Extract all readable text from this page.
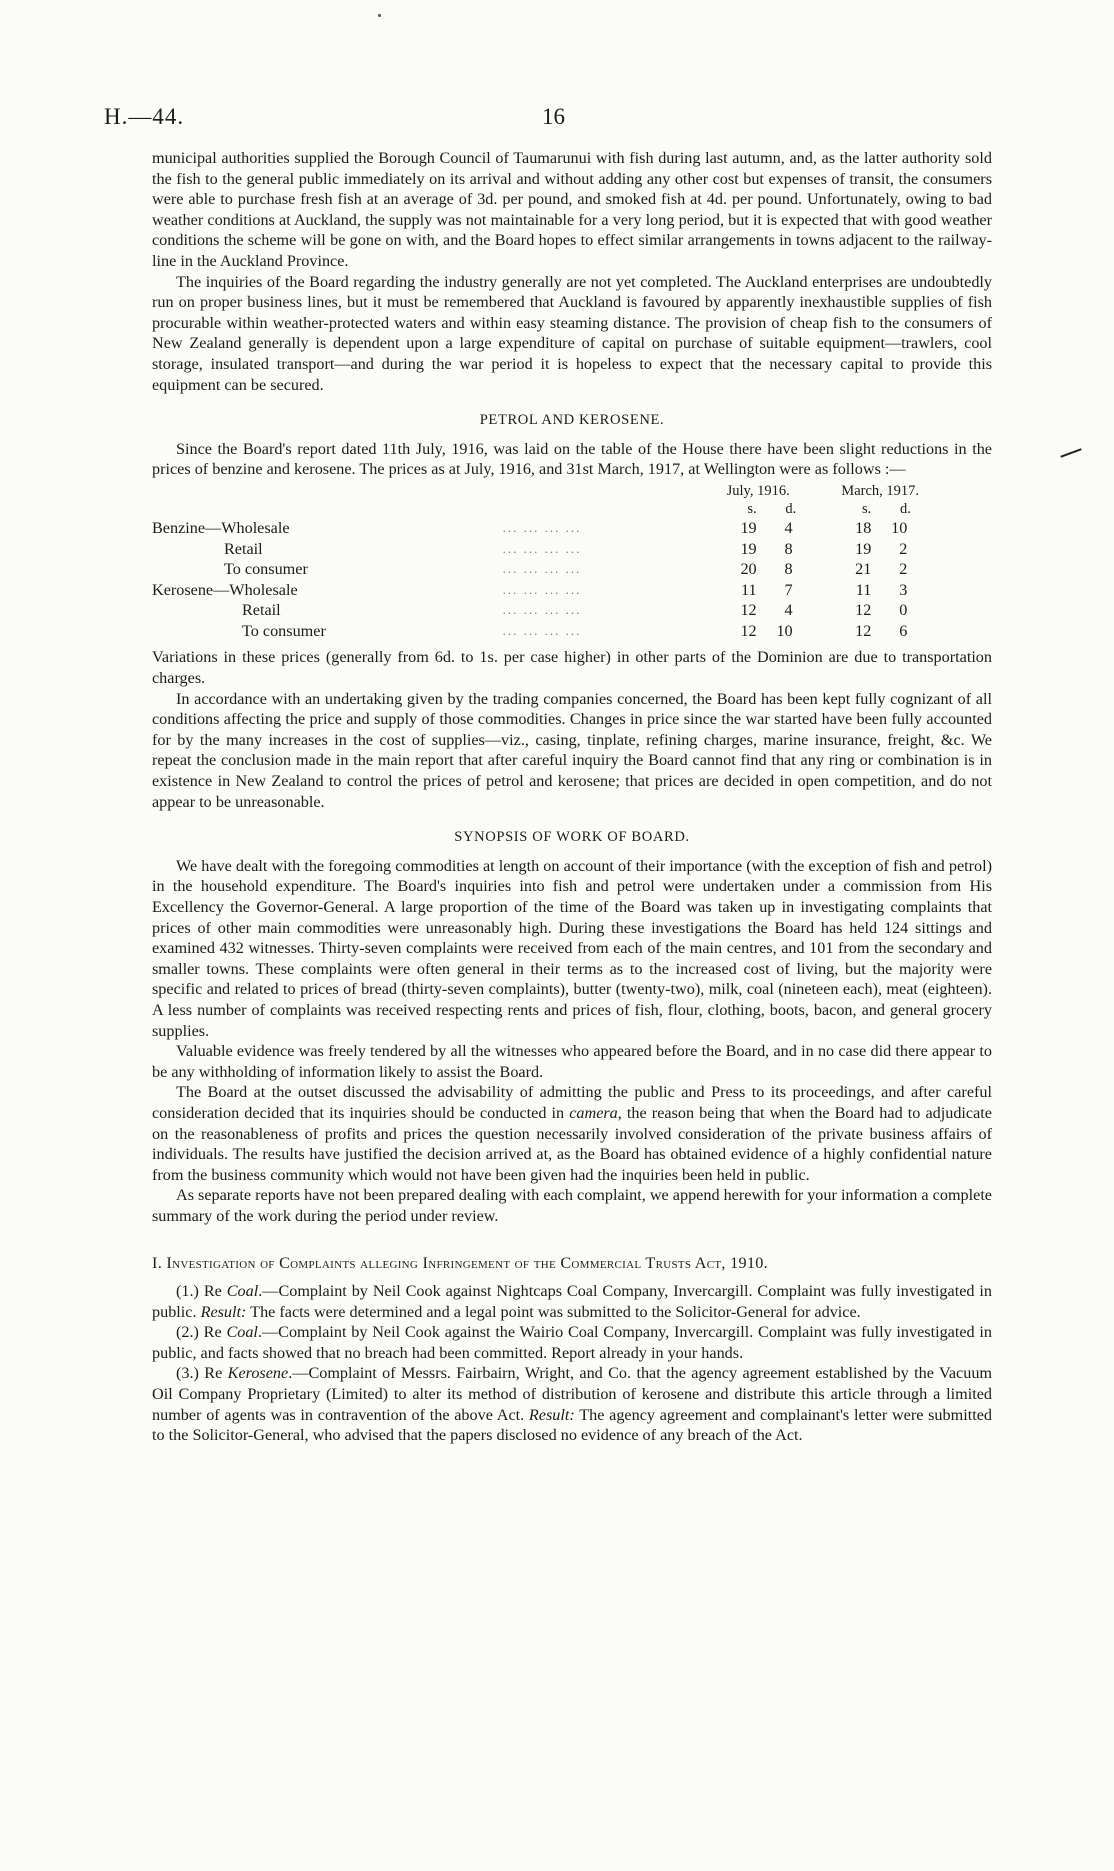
H.—44.	16

municipal authorities supplied the Borough Council of Taumarunui with fish during last autumn, and, as the latter authority sold the fish to the general public immediately on its arrival and without adding any other cost but expenses of transit, the consumers were able to purchase fresh fish at an average of 3d. per pound, and smoked fish at 4d. per pound. Unfortunately, owing to bad weather conditions at Auckland, the supply was not maintainable for a very long period, but it is expected that with good weather conditions the scheme will be gone on with, and the Board hopes to effect similar arrangements in towns adjacent to the railway-line in the Auckland Province.

The inquiries of the Board regarding the industry generally are not yet completed. The Auckland enterprises are undoubtedly run on proper business lines, but it must be remembered that Auckland is favoured by apparently inexhaustible supplies of fish procurable within weather-protected waters and within easy steaming distance. The provision of cheap fish to the consumers of New Zealand generally is dependent upon a large expenditure of capital on purchase of suitable equipment—trawlers, cool storage, insulated transport—and during the war period it is hopeless to expect that the necessary capital to provide this equipment can be secured.

PETROL AND KEROSENE.

Since the Board's report dated 11th July, 1916, was laid on the table of the House there have been slight reductions in the prices of benzine and kerosene. The prices as at July, 1916, and 31st March, 1917, at Wellington were as follows :—

		July, 1916.	March, 1917.
		s. d.	s. d.
Benzine—Wholesale	... ... ... ...	19 4	18 10
Retail	... ... ... ...	19 8	19 2
To consumer	... ... ... ...	20 8	21 2
Kerosene—Wholesale	... ... ... ...	11 7	11 3
Retail	... ... ... ...	12 4	12 0
To consumer	... ... ... ...	12 10	12 6

Variations in these prices (generally from 6d. to 1s. per case higher) in other parts of the Dominion are due to transportation charges.

In accordance with an undertaking given by the trading companies concerned, the Board has been kept fully cognizant of all conditions affecting the price and supply of those commodities. Changes in price since the war started have been fully accounted for by the many increases in the cost of supplies—viz., casing, tinplate, refining charges, marine insurance, freight, &c. We repeat the conclusion made in the main report that after careful inquiry the Board cannot find that any ring or combination is in existence in New Zealand to control the prices of petrol and kerosene; that prices are decided in open competition, and do not appear to be unreasonable.

SYNOPSIS OF WORK OF BOARD.

We have dealt with the foregoing commodities at length on account of their importance (with the exception of fish and petrol) in the household expenditure. The Board's inquiries into fish and petrol were undertaken under a commission from His Excellency the Governor-General. A large proportion of the time of the Board was taken up in investigating complaints that prices of other main commodities were unreasonably high. During these investigations the Board has held 124 sittings and examined 432 witnesses. Thirty-seven complaints were received from each of the main centres, and 101 from the secondary and smaller towns. These complaints were often general in their terms as to the increased cost of living, but the majority were specific and related to prices of bread (thirty-seven complaints), butter (twenty-two), milk, coal (nineteen each), meat (eighteen). A less number of complaints was received respecting rents and prices of fish, flour, clothing, boots, bacon, and general grocery supplies.

Valuable evidence was freely tendered by all the witnesses who appeared before the Board, and in no case did there appear to be any withholding of information likely to assist the Board.

The Board at the outset discussed the advisability of admitting the public and Press to its proceedings, and after careful consideration decided that its inquiries should be conducted in camera, the reason being that when the Board had to adjudicate on the reasonableness of profits and prices the question necessarily involved consideration of the private business affairs of individuals. The results have justified the decision arrived at, as the Board has obtained evidence of a highly confidential nature from the business community which would not have been given had the inquiries been held in public.

As separate reports have not been prepared dealing with each complaint, we append herewith for your information a complete summary of the work during the period under review.

I. Investigation of Complaints alleging Infringement of the Commercial Trusts Act, 1910.

(1.) Re Coal.—Complaint by Neil Cook against Nightcaps Coal Company, Invercargill. Complaint was fully investigated in public. Result: The facts were determined and a legal point was submitted to the Solicitor-General for advice.

(2.) Re Coal.—Complaint by Neil Cook against the Wairio Coal Company, Invercargill. Complaint was fully investigated in public, and facts showed that no breach had been committed. Report already in your hands.

(3.) Re Kerosene.—Complaint of Messrs. Fairbairn, Wright, and Co. that the agency agreement established by the Vacuum Oil Company Proprietary (Limited) to alter its method of distribution of kerosene and distribute this article through a limited number of agents was in contravention of the above Act. Result: The agency agreement and complainant's letter were submitted to the Solicitor-General, who advised that the papers disclosed no evidence of any breach of the Act.
